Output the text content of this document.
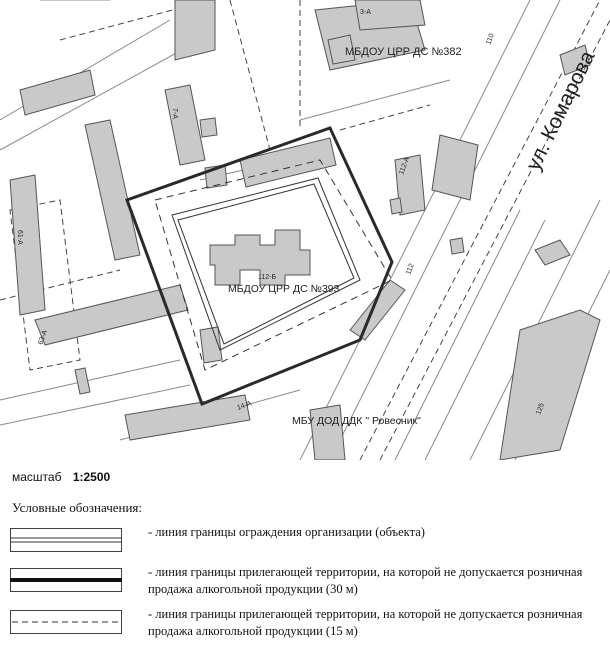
МБДОУ ЦРР ДС №382
МБДОУ ЦРР ДС №393
112-Б
МБУ ДОД ДДК " Ровесник"
ул. Комарова
3-А
7-А
61-А
63-А
112-А
112
110
14-А	125
масштаб 1:2500
Условные обозначения:
- линия границы ограждения организации (объекта)
- линия границы прилегающей территории, на которой не допускается розничная продажа алкогольной продукции (30 м)
- линия границы прилегающей территории, на которой не допускается розничная продажа алкогольной продукции (15 м)
